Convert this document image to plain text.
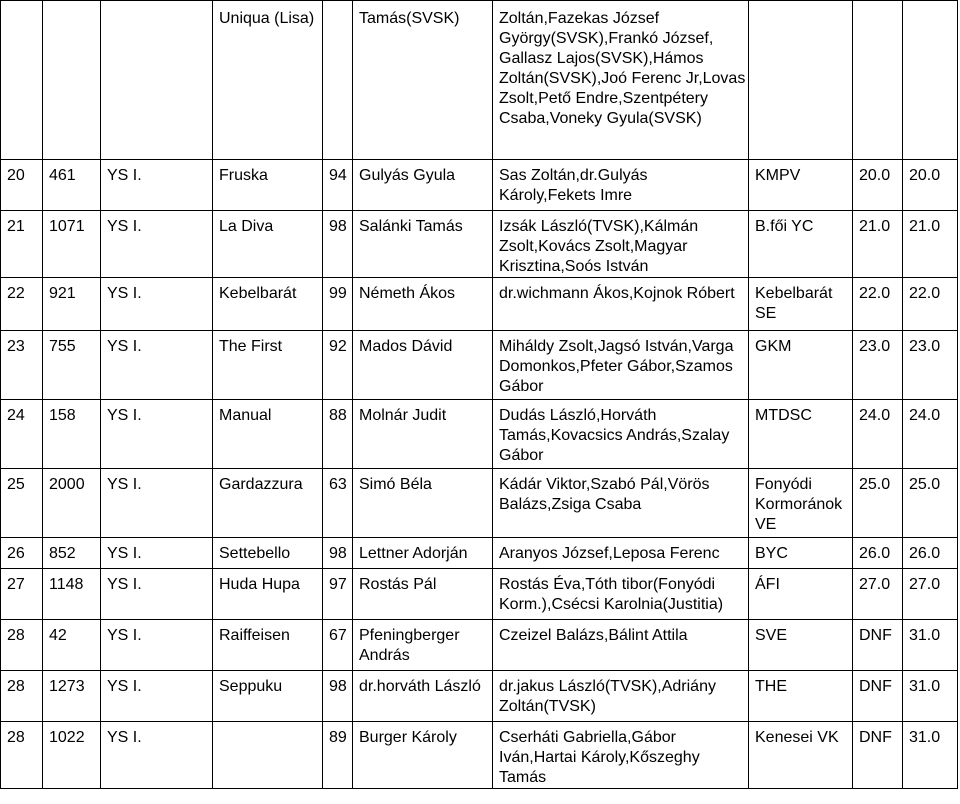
			Uniqua (Lisa)		Tamás(SVSK)	Zoltán,Fazekas József György(SVSK),Frankó József, Gallasz Lajos(SVSK),Hámos Zoltán(SVSK),Joó Ferenc Jr,Lovas Zsolt,Pető Endre,Szentpétery Csaba,Voneky Gyula(SVSK)			
20	461	YS I.	Fruska	94	Gulyás Gyula	Sas Zoltán,dr.Gulyás Károly,Fekets Imre	KMPV	20.0	20.0
21	1071	YS I.	La Diva	98	Salánki Tamás	Izsák László(TVSK),Kálmán Zsolt,Kovács Zsolt,Magyar Krisztina,Soós István	B.fői YC	21.0	21.0
22	921	YS I.	Kebelbarát	99	Németh Ákos	dr.wichmann Ákos,Kojnok Róbert	Kebelbarát SE	22.0	22.0
23	755	YS I.	The First	92	Mados Dávid	Miháldy Zsolt,Jagsó István,Varga Domonkos,Pfeter Gábor,Szamos Gábor	GKM	23.0	23.0
24	158	YS I.	Manual	88	Molnár Judit	Dudás László,Horváth Tamás,Kovacsics András,Szalay Gábor	MTDSC	24.0	24.0
25	2000	YS I.	Gardazzura	63	Simó Béla	Kádár Viktor,Szabó Pál,Vörös Balázs,Zsiga Csaba	Fonyódi Kormoránok VE	25.0	25.0
26	852	YS I.	Settebello	98	Lettner Adorján	Aranyos József,Leposa Ferenc	BYC	26.0	26.0
27	1148	YS I.	Huda Hupa	97	Rostás Pál	Rostás Éva,Tóth tibor(Fonyódi Korm.),Csécsi Karolnia(Justitia)	ÁFI	27.0	27.0
28	42	YS I.	Raiffeisen	67	Pfeningberger András	Czeizel Balázs,Bálint Attila	SVE	DNF	31.0
28	1273	YS I.	Seppuku	98	dr.horváth László	dr.jakus László(TVSK),Adriány Zoltán(TVSK)	THE	DNF	31.0
28	1022	YS I.		89	Burger Károly	Cserháti Gabriella,Gábor Iván,Hartai Károly,Kőszeghy Tamás	Kenesei VK	DNF	31.0
